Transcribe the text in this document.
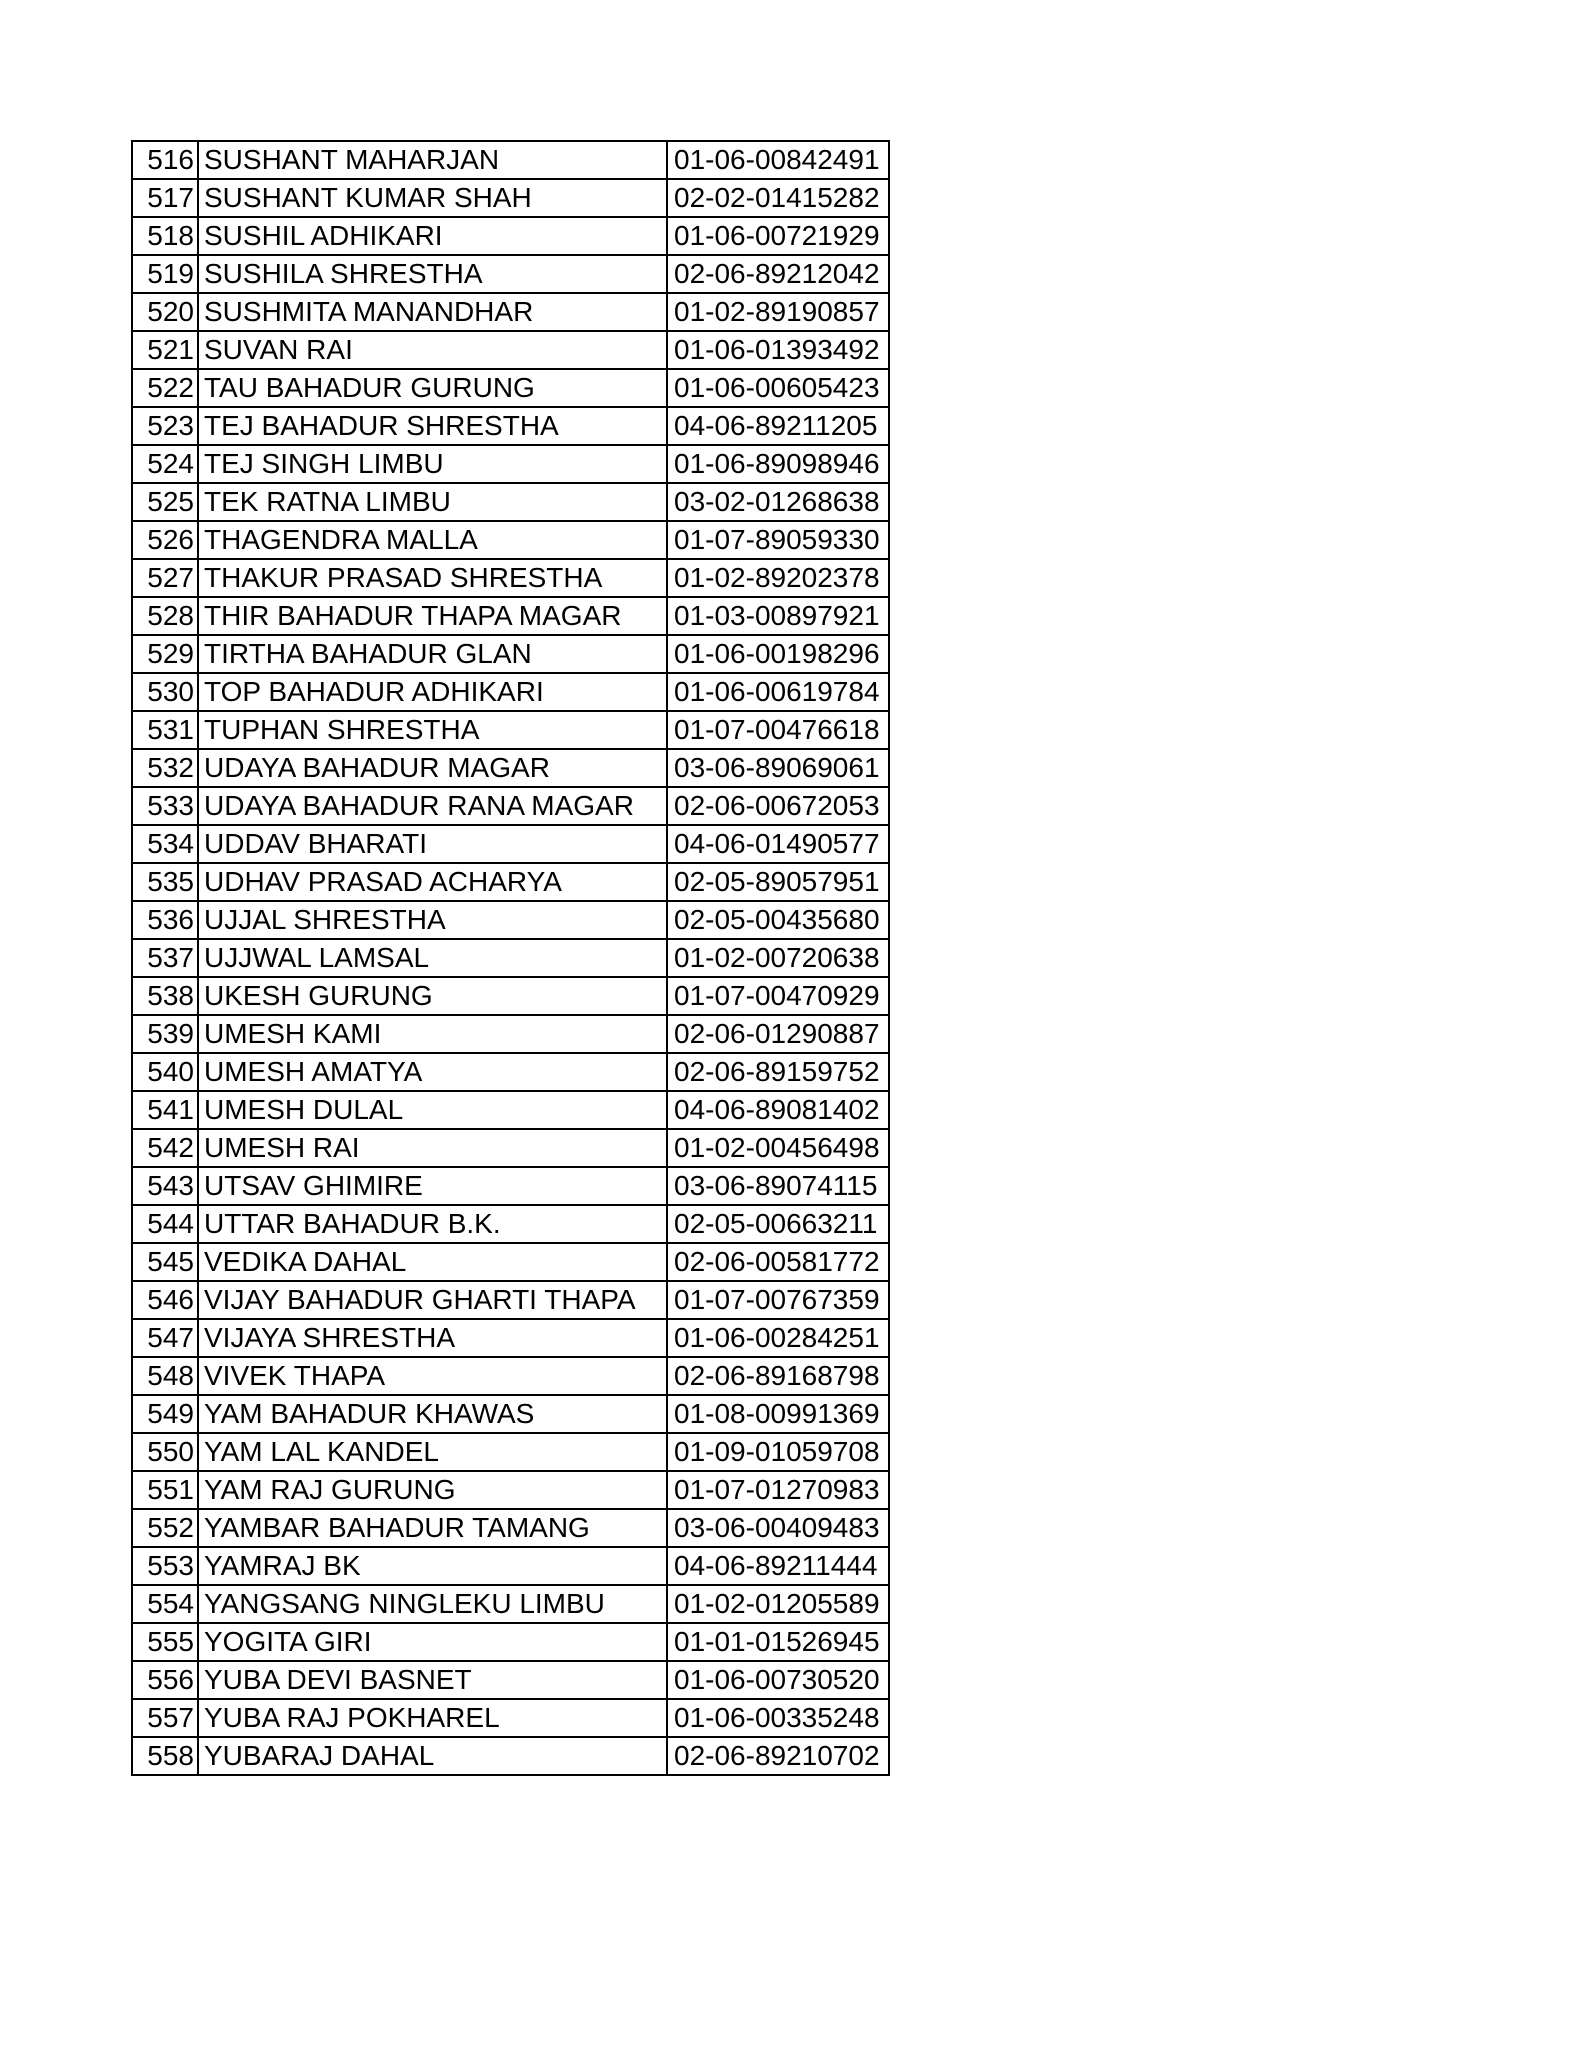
516	SUSHANT MAHARJAN	01-06-00842491
517	SUSHANT KUMAR SHAH	02-02-01415282
518	SUSHIL ADHIKARI	01-06-00721929
519	SUSHILA SHRESTHA	02-06-89212042
520	SUSHMITA MANANDHAR	01-02-89190857
521	SUVAN RAI	01-06-01393492
522	TAU BAHADUR GURUNG	01-06-00605423
523	TEJ BAHADUR SHRESTHA	04-06-89211205
524	TEJ SINGH LIMBU	01-06-89098946
525	TEK RATNA LIMBU	03-02-01268638
526	THAGENDRA MALLA	01-07-89059330
527	THAKUR PRASAD SHRESTHA	01-02-89202378
528	THIR BAHADUR THAPA MAGAR	01-03-00897921
529	TIRTHA BAHADUR GLAN	01-06-00198296
530	TOP BAHADUR ADHIKARI	01-06-00619784
531	TUPHAN SHRESTHA	01-07-00476618
532	UDAYA BAHADUR MAGAR	03-06-89069061
533	UDAYA BAHADUR RANA MAGAR	02-06-00672053
534	UDDAV BHARATI	04-06-01490577
535	UDHAV PRASAD ACHARYA	02-05-89057951
536	UJJAL SHRESTHA	02-05-00435680
537	UJJWAL LAMSAL	01-02-00720638
538	UKESH GURUNG	01-07-00470929
539	UMESH KAMI	02-06-01290887
540	UMESH AMATYA	02-06-89159752
541	UMESH DULAL	04-06-89081402
542	UMESH RAI	01-02-00456498
543	UTSAV GHIMIRE	03-06-89074115
544	UTTAR BAHADUR B.K.	02-05-00663211
545	VEDIKA DAHAL	02-06-00581772
546	VIJAY BAHADUR GHARTI THAPA	01-07-00767359
547	VIJAYA SHRESTHA	01-06-00284251
548	VIVEK THAPA	02-06-89168798
549	YAM BAHADUR KHAWAS	01-08-00991369
550	YAM LAL KANDEL	01-09-01059708
551	YAM RAJ GURUNG	01-07-01270983
552	YAMBAR BAHADUR TAMANG	03-06-00409483
553	YAMRAJ BK	04-06-89211444
554	YANGSANG NINGLEKU LIMBU	01-02-01205589
555	YOGITA GIRI	01-01-01526945
556	YUBA DEVI BASNET	01-06-00730520
557	YUBA RAJ POKHAREL	01-06-00335248
558	YUBARAJ DAHAL	02-06-89210702
